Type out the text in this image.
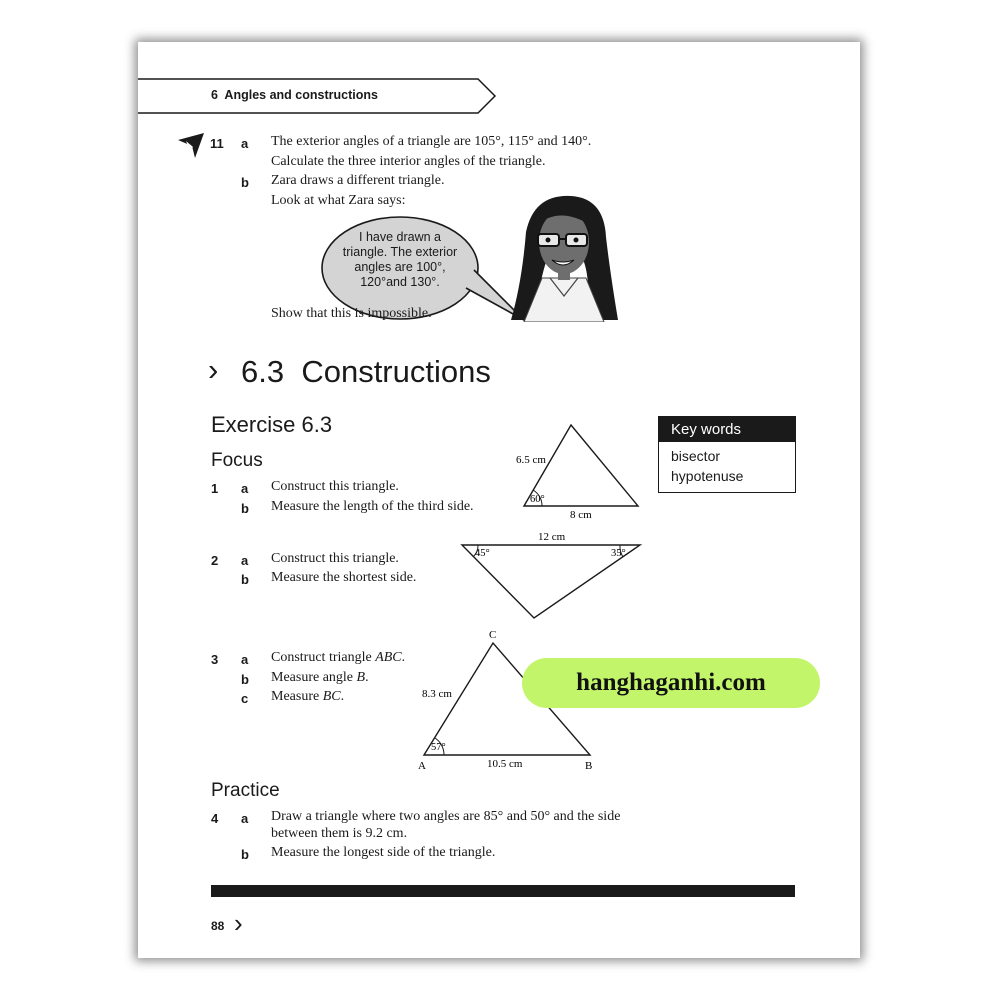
6  Angles and constructions
11 a The exterior angles of a triangle are 105°, 115° and 140°.
Calculate the three interior angles of the triangle.
b Zara draws a different triangle.
Look at what Zara says:
I have drawn a
triangle. The exterior
angles are 100°,
120°and 130°.
Show that this is impossible.
› 6.3  Constructions
Exercise 6.3
Focus
Key words
bisector
hypotenuse
1 a Construct this triangle.
b Measure the length of the third side.
6.5 cm
60°
8 cm
2 a Construct this triangle.
b Measure the shortest side.
12 cm
45°	35°
3 a Construct triangle ABC.
b Measure angle B.
c Measure BC.
C
A	B
8.3 cm
57°
10.5 cm
Practice
4 a Draw a triangle where two angles are 85° and 50° and the side
between them is 9.2 cm.
b Measure the longest side of the triangle.
88 ›
hanghaganhi.com
